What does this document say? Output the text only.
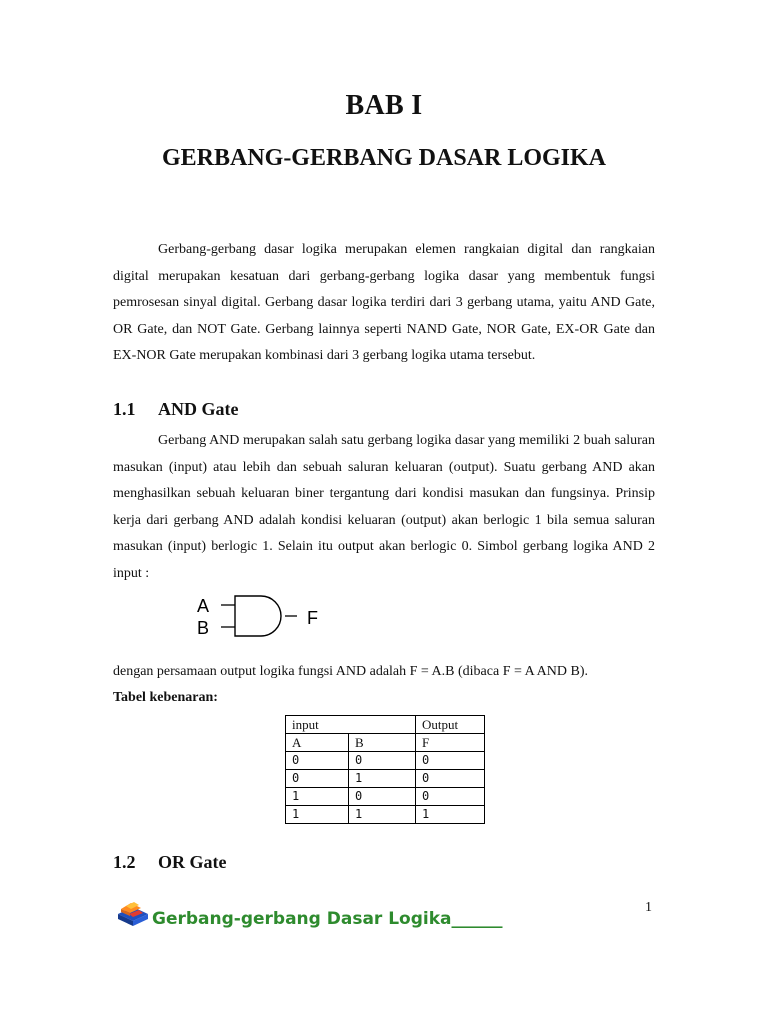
BAB I
GERBANG-GERBANG DASAR LOGIKA

Gerbang-gerbang dasar logika merupakan elemen rangkaian digital dan rangkaian digital merupakan kesatuan dari gerbang-gerbang logika dasar yang membentuk fungsi pemrosesan sinyal digital. Gerbang dasar logika terdiri dari 3 gerbang utama, yaitu AND Gate, OR Gate, dan NOT Gate. Gerbang lainnya seperti NAND Gate, NOR Gate, EX-OR Gate dan EX-NOR Gate merupakan kombinasi dari 3 gerbang logika utama tersebut.

1.1 AND Gate

Gerbang AND merupakan salah satu gerbang logika dasar yang memiliki 2 buah saluran masukan (input) atau lebih dan sebuah saluran keluaran (output). Suatu gerbang AND akan menghasilkan sebuah keluaran biner tergantung dari kondisi masukan dan fungsinya. Prinsip kerja dari gerbang AND adalah kondisi keluaran (output) akan berlogic 1 bila semua saluran masukan (input) berlogic 1. Selain itu output akan berlogic 0. Simbol gerbang logika AND 2 input :

A
B	F
dengan persamaan output logika fungsi AND adalah F = A.B (dibaca F = A AND B).
Tabel kebenaran:
input		Output
A	B	F
0	0	0
0	1	0
1	0	0
1	1	1
1.2 OR Gate
1
Gerbang-gerbang Dasar Logika______
